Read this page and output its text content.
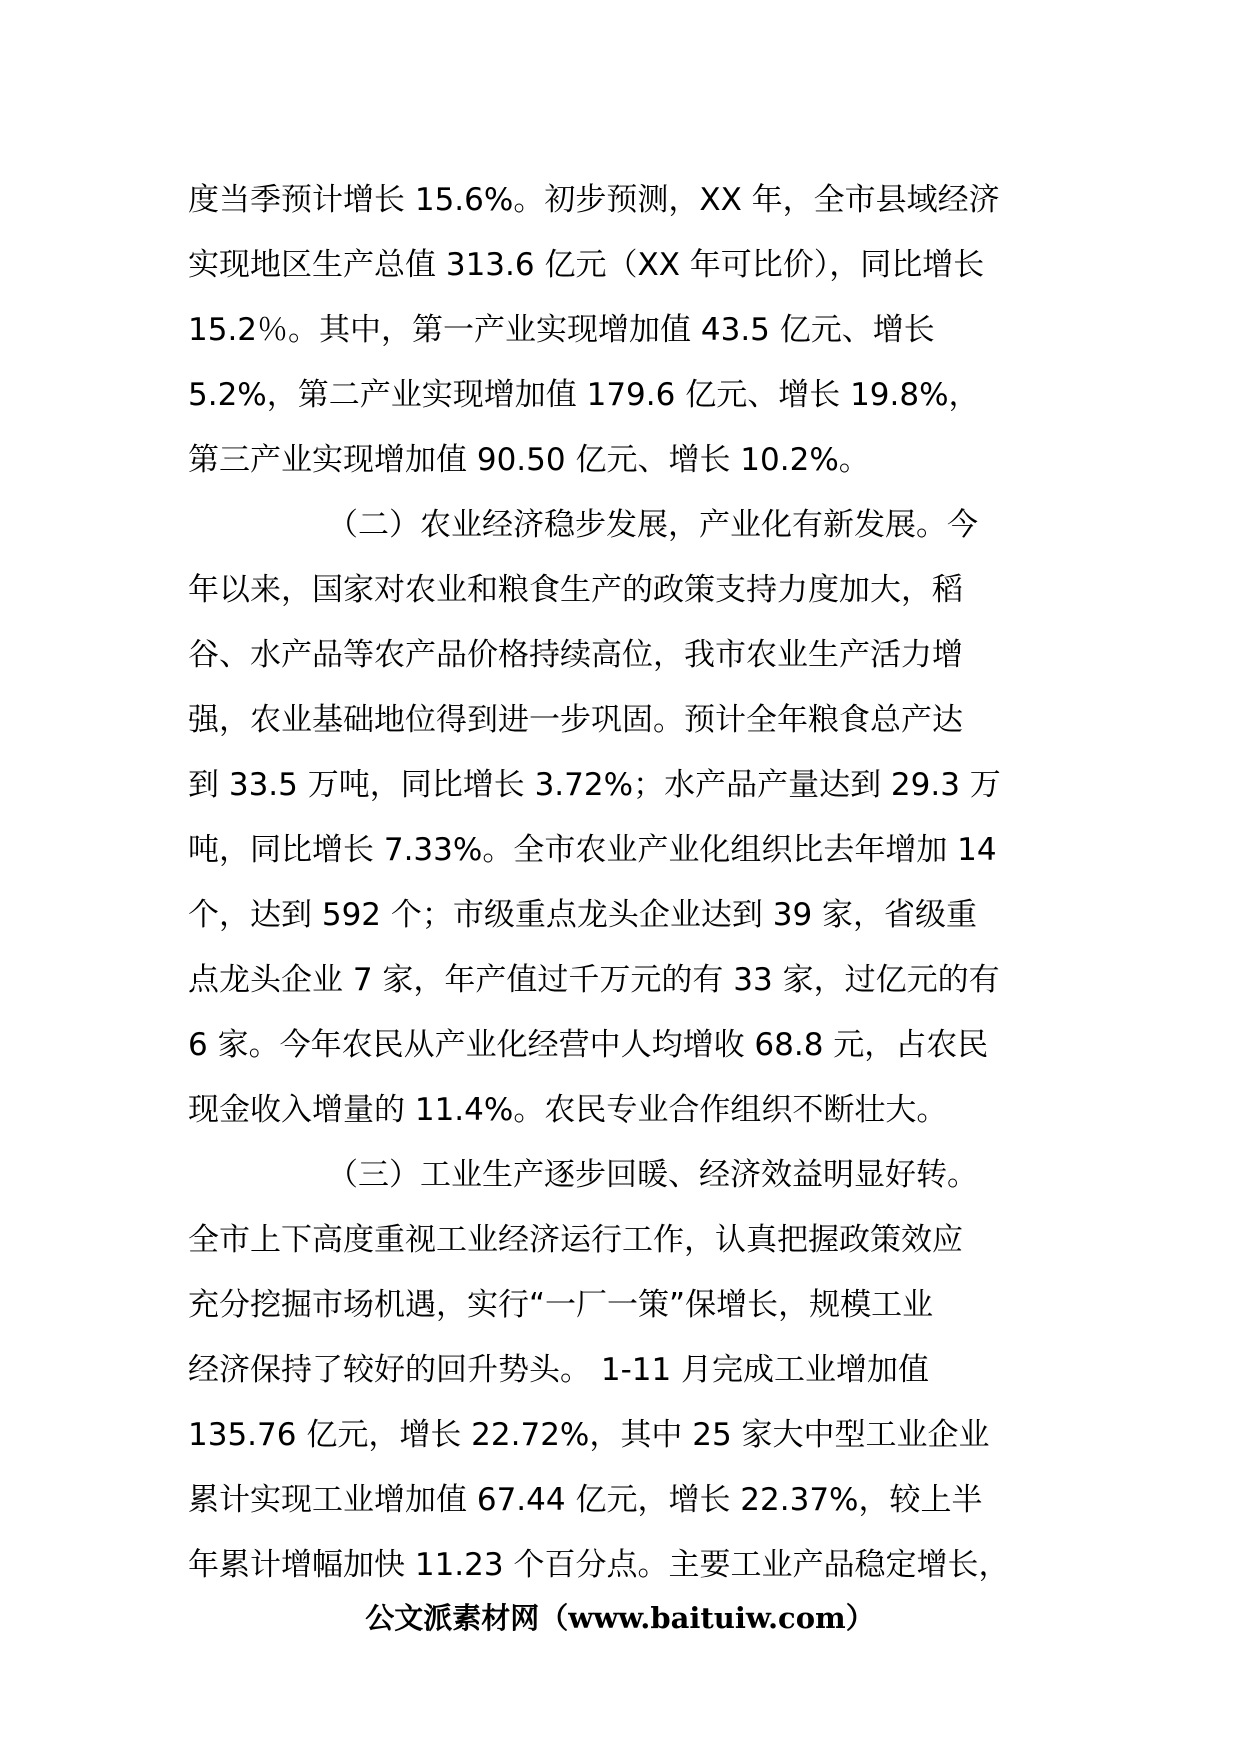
度当季预计增长 15.6%。初步预测，XX 年，全市县域经济
实现地区生产总值 313.6 亿元（XX 年可比价），同比增长
15.2％。其中，第一产业实现增加值 43.5 亿元、增长
5.2%，第二产业实现增加值 179.6 亿元、增长 19.8%，
第三产业实现增加值 90.50 亿元、增长 10.2%。
（二）农业经济稳步发展，产业化有新发展。今
年以来，国家对农业和粮食生产的政策支持力度加大，稻
谷、水产品等农产品价格持续高位，我市农业生产活力增
强，农业基础地位得到进一步巩固。预计全年粮食总产达
到 33.5 万吨，同比增长 3.72%；水产品产量达到 29.3 万
吨，同比增长 7.33%。全市农业产业化组织比去年增加 14
个，达到 592 个；市级重点龙头企业达到 39 家，省级重
点龙头企业 7 家，年产值过千万元的有 33 家，过亿元的有
6 家。今年农民从产业化经营中人均增收 68.8 元，占农民
现金收入增量的 11.4%。农民专业合作组织不断壮大。
（三）工业生产逐步回暖、经济效益明显好转。
全市上下高度重视工业经济运行工作，认真把握政策效应
充分挖掘市场机遇，实行“一厂一策”保增长，规模工业
经济保持了较好的回升势头。 1-11 月完成工业增加值
135.76 亿元，增长 22.72%，其中 25 家大中型工业企业
累计实现工业增加值 67.44 亿元，增长 22.37%，较上半
年累计增幅加快 11.23 个百分点。主要工业产品稳定增长，
公文派素材网（www.baituiw.com）
